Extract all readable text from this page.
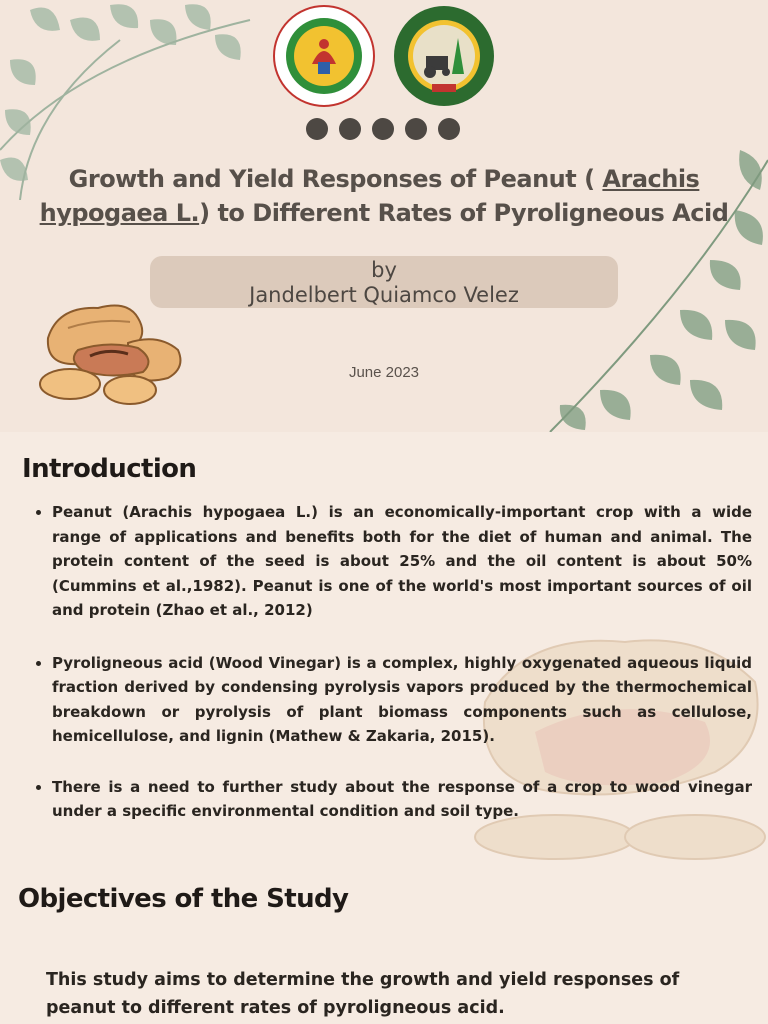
Growth and Yield Responses of Peanut ( Arachis hypogaea L.) to Different Rates of Pyroligneous Acid
by
Jandelbert Quiamco Velez
June 2023
Introduction
• Peanut (Arachis hypogaea L.) is an economically-important crop with a wide range of applications and benefits both for the diet of human and animal. The protein content of the seed is about 25% and the oil content is about 50% (Cummins et al.,1982). Peanut is one of the world's most important sources of oil and protein (Zhao et al., 2012)
• Pyroligneous acid (Wood Vinegar) is a complex, highly oxygenated aqueous liquid fraction derived by condensing pyrolysis vapors produced by the thermochemical breakdown or pyrolysis of plant biomass components such as cellulose, hemicellulose, and lignin (Mathew & Zakaria, 2015).
• There is a need to further study about the response of a crop to wood vinegar under a specific environmental condition and soil type.
Objectives of the Study

This study aims to determine the growth and yield responses of peanut to different rates of pyroligneous acid.
